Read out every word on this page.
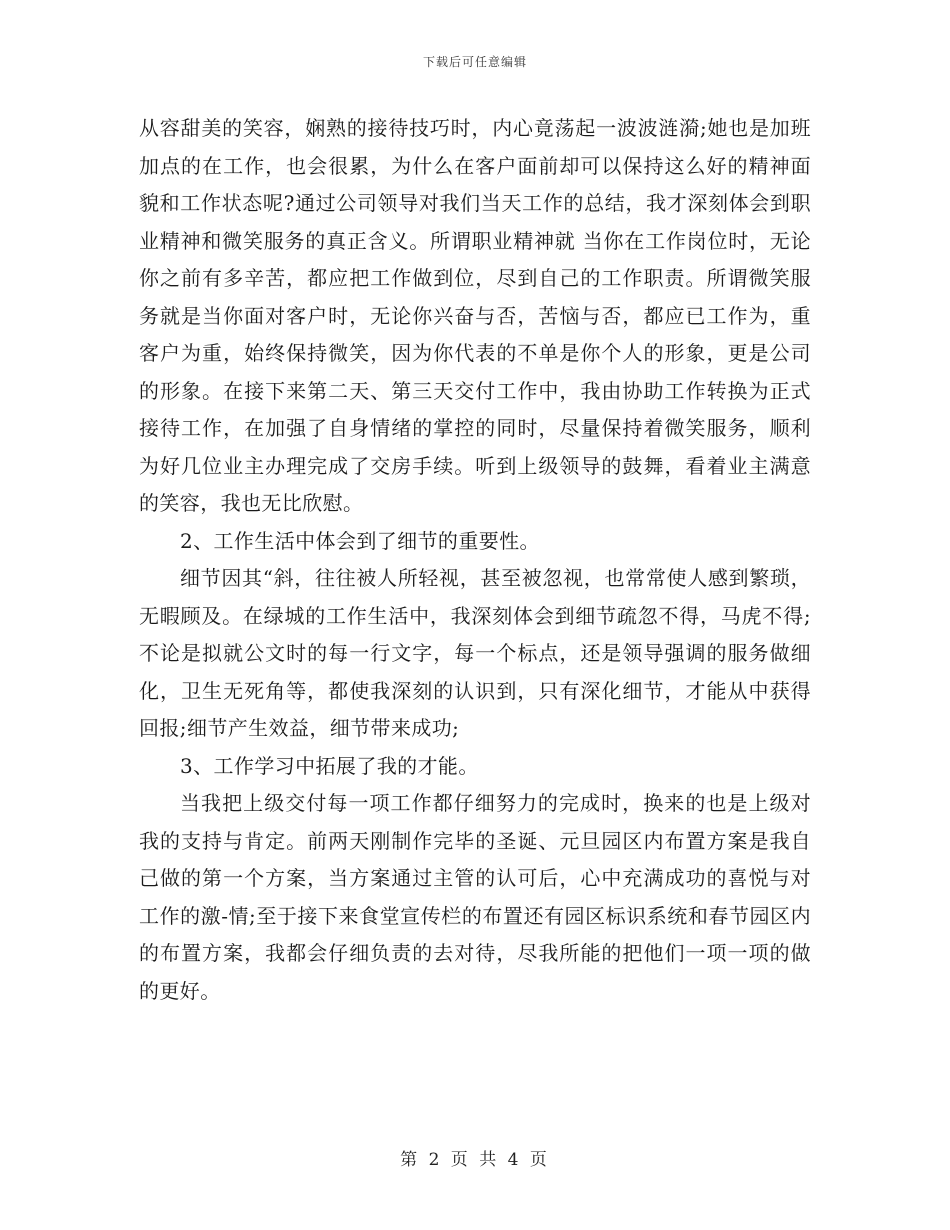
下载后可任意编辑

从容甜美的笑容，娴熟的接待技巧时，内心竟荡起一波波涟漪;她也是加班加点的在工作，也会很累，为什么在客户面前却可以保持这么好的精神面貌和工作状态呢?通过公司领导对我们当天工作的总结，我才深刻体会到职业精神和微笑服务的真正含义。所谓职业精神就 当你在工作岗位时，无论你之前有多辛苦，都应把工作做到位，尽到自己的工作职责。所谓微笑服务就是当你面对客户时，无论你兴奋与否，苦恼与否，都应已工作为，重客户为重，始终保持微笑，因为你代表的不单是你个人的形象，更是公司的形象。在接下来第二天、第三天交付工作中，我由协助工作转换为正式接待工作，在加强了自身情绪的掌控的同时，尽量保持着微笑服务，顺利为好几位业主办理完成了交房手续。听到上级领导的鼓舞，看着业主满意的笑容，我也无比欣慰。

2、工作生活中体会到了细节的重要性。

细节因其“斜，往往被人所轻视，甚至被忽视，也常常使人感到繁琐，无暇顾及。在绿城的工作生活中，我深刻体会到细节疏忽不得，马虎不得;不论是拟就公文时的每一行文字，每一个标点，还是领导强调的服务做细化，卫生无死角等，都使我深刻的认识到，只有深化细节，才能从中获得回报;细节产生效益，细节带来成功;

3、工作学习中拓展了我的才能。

当我把上级交付每一项工作都仔细努力的完成时，换来的也是上级对我的支持与肯定。前两天刚制作完毕的圣诞、元旦园区内布置方案是我自己做的第一个方案，当方案通过主管的认可后，心中充满成功的喜悦与对工作的激-情;至于接下来食堂宣传栏的布置还有园区标识系统和春节园区内的布置方案，我都会仔细负责的去对待，尽我所能的把他们一项一项的做的更好。

第 2 页 共 4 页
